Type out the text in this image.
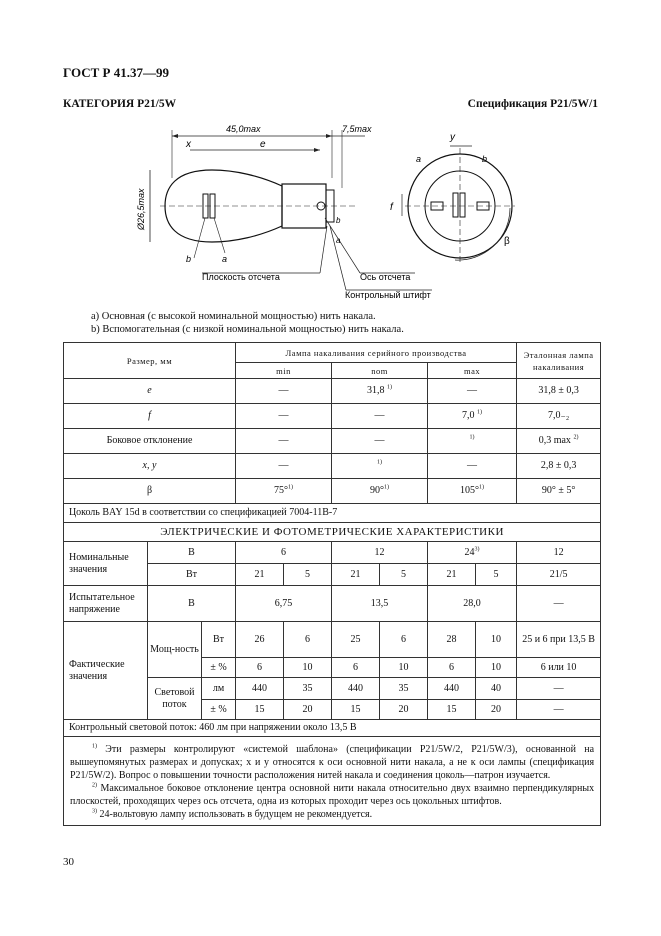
ГОСТ Р 41.37—99
КАТЕГОРИЯ P21/5W	Спецификация P21/5W/1
45,0max	7,5max
x	e
Ø26,5max
b	a
Плоскость отсчета	Ось отсчета
Контрольный штифт
a
b
y
a	b
f
β
а) Основная (с высокой номинальной мощностью) нить накала.
b) Вспомогательная (с низкой номинальной мощностью) нить накала.
Размер, мм			Лампа накаливания серийного производства						Эталонная лампа накаливания
			min		nom		max		
e			—		31,8 $^{1)}$		—		31,8 ± 0,3
f			—		—		7,0 $^{1)}$		7,0₋₂
Боковое отклонение			—		—		$^{1)}$		0,3 max $^{2)}$
x, y			—		$^{1)}$		—		2,8 ± 0,3
β			75°$^{1)}$		90°$^{1)}$		105°$^{1)}$		90° ± 5°
Цоколь BAY 15d в соответствии со спецификацией 7004-11В-7									
ЭЛЕКТРИЧЕСКИЕ И ФОТОМЕТРИЧЕСКИЕ ХАРАКТЕРИСТИКИ									
Номинальные значения	В		6		12		24$^{3)}$		12
	Вт		21	5	21	5	21	5	21/5
Испытательное напряжение	В		6,75		13,5		28,0		—
Фактические значения	Мощ-ность	Вт	26	6	25	6	28	10	25 и 6 при 13,5 В
		± %	6	10	6	10	6	10	6 или 10
	Световой поток	лм	440	35	440	35	440	40	—
		± %	15	20	15	20	15	20	—
Контрольный световой поток: 460 лм при напряжении около 13,5 В									

$^{1)}$ Эти размеры контролируют «системой шаблона» (спецификации P21/5W/2, P21/5W/3), основанной на вышеупомянутых размерах и допусках; x и y относятся к оси основной нити накала, а не к оси лампы (спецификация P21/5W/2). Вопрос о повышении точности расположения нитей накала и соединения цоколь—патрон изучается.

$^{2)}$ Максимальное боковое отклонение центра основной нити накала относительно двух взаимно перпендикулярных плоскостей, проходящих через ось отсчета, одна из которых проходит через ось цокольных штифтов.

$^{3)}$ 24-вольтовую лампу использовать в будущем не рекомендуется.									

30
